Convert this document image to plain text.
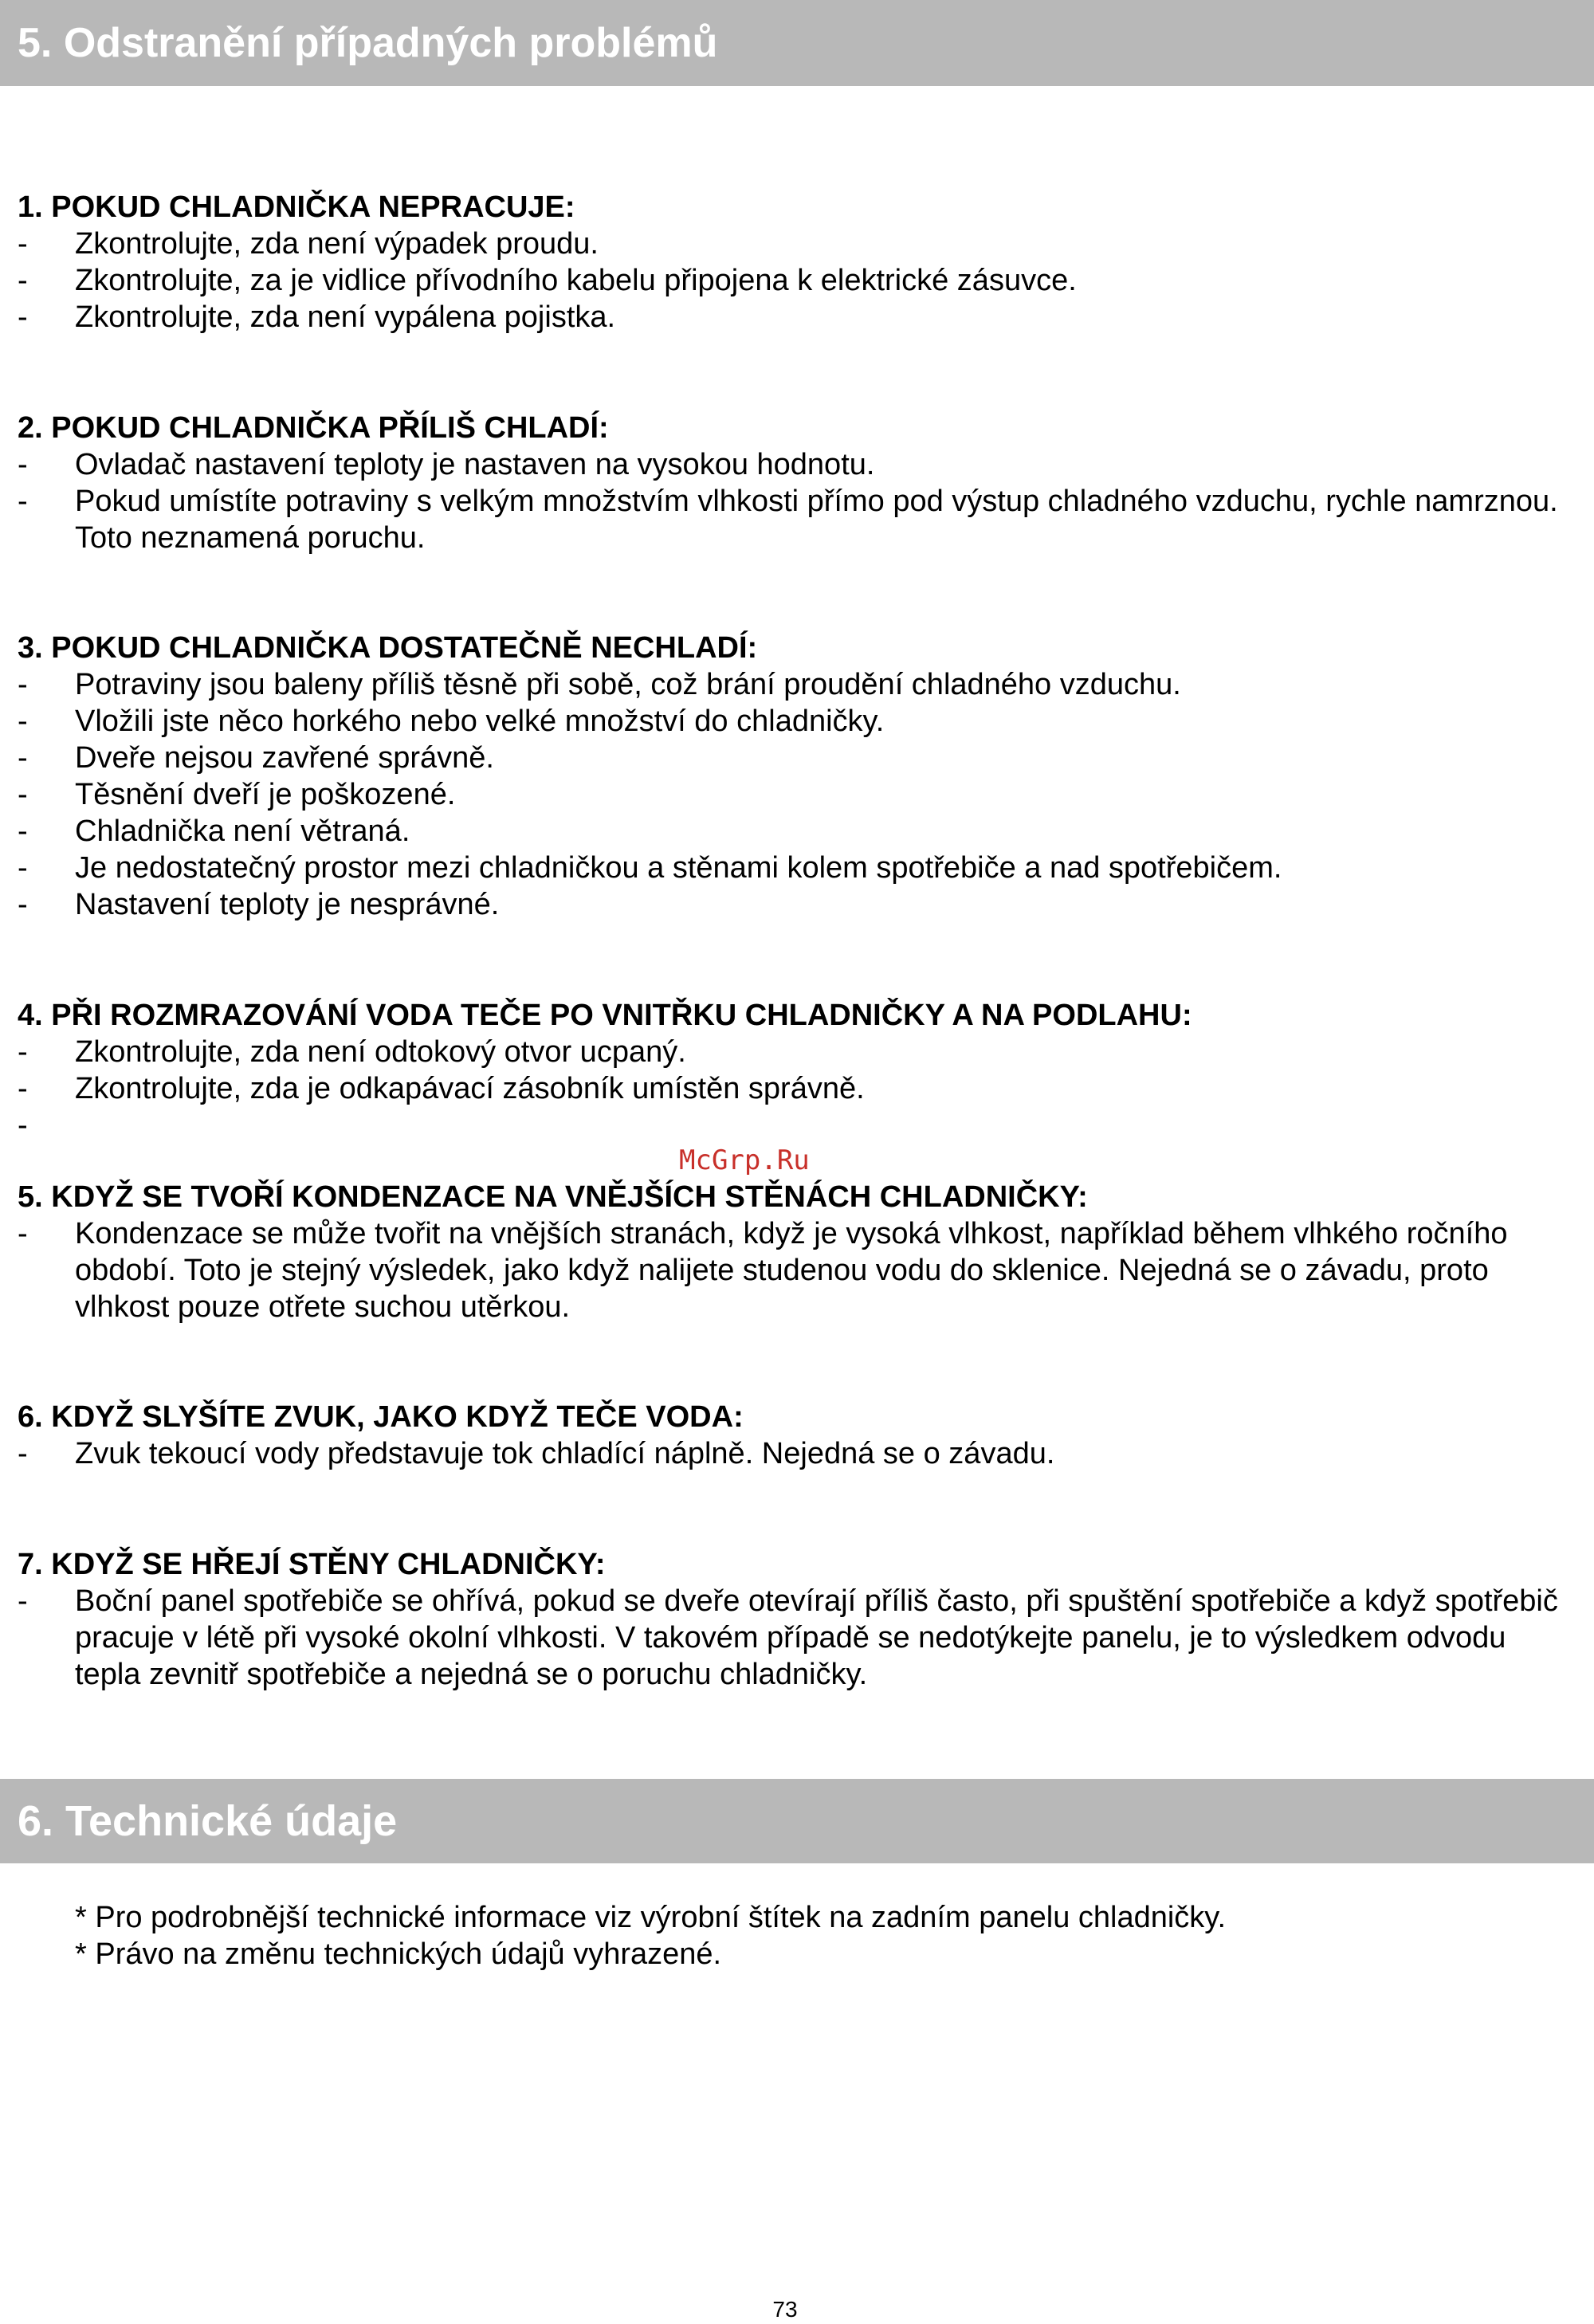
5. Odstranění případných problémů
1. POKUD CHLADNIČKA NEPRACUJE:
-	Zkontrolujte, zda není výpadek proudu.
-	Zkontrolujte, za je vidlice přívodního kabelu připojena k elektrické zásuvce.
-	Zkontrolujte, zda není vypálena pojistka.
2. POKUD CHLADNIČKA PŘÍLIŠ CHLADÍ:
-	Ovladač nastavení teploty je nastaven na vysokou hodnotu.
-	Pokud umístíte potraviny s velkým množstvím vlhkosti přímo pod výstup chladného vzduchu, rychle namrznou. Toto neznamená poruchu.
3. POKUD CHLADNIČKA DOSTATEČNĚ NECHLADÍ:
-	Potraviny jsou baleny příliš těsně při sobě, což brání proudění chladného vzduchu.
-	Vložili jste něco horkého nebo velké množství do chladničky.
-	Dveře nejsou zavřené správně.
-	Těsnění dveří je poškozené.
-	Chladnička není větraná.
-	Je nedostatečný prostor mezi chladničkou a stěnami kolem spotřebiče a nad spotřebičem.
-	Nastavení teploty je nesprávné.
4. PŘI ROZMRAZOVÁNÍ VODA TEČE PO VNITŘKU CHLADNIČKY A NA PODLAHU:
-	Zkontrolujte, zda není odtokový otvor ucpaný.
-	Zkontrolujte, zda je odkapávací zásobník umístěn správně.
-
McGrp.Ru
5. KDYŽ SE TVOŘÍ KONDENZACE NA VNĚJŠÍCH STĚNÁCH CHLADNIČKY:
-	Kondenzace se může tvořit na vnějších stranách, když je vysoká vlhkost, například během vlhkého ročního období. Toto je stejný výsledek, jako když nalijete studenou vodu do sklenice. Nejedná se o závadu, proto vlhkost pouze otřete suchou utěrkou.
6. KDYŽ SLYŠÍTE ZVUK, JAKO KDYŽ TEČE VODA:
-	Zvuk tekoucí vody představuje tok chladící náplně. Nejedná se o závadu.
7. KDYŽ SE HŘEJÍ STĚNY CHLADNIČKY:
-	Boční panel spotřebiče se ohřívá, pokud se dveře otevírají příliš často, při spuštění spotřebiče a když spotřebič pracuje v létě při vysoké okolní vlhkosti. V takovém případě se nedotýkejte panelu, je to výsledkem odvodu tepla zevnitř spotřebiče a nejedná se o poruchu chladničky.
6. Technické údaje

* Pro podrobnější technické informace viz výrobní štítek na zadním panelu chladničky.

* Právo na změnu technických údajů vyhrazené.

73
